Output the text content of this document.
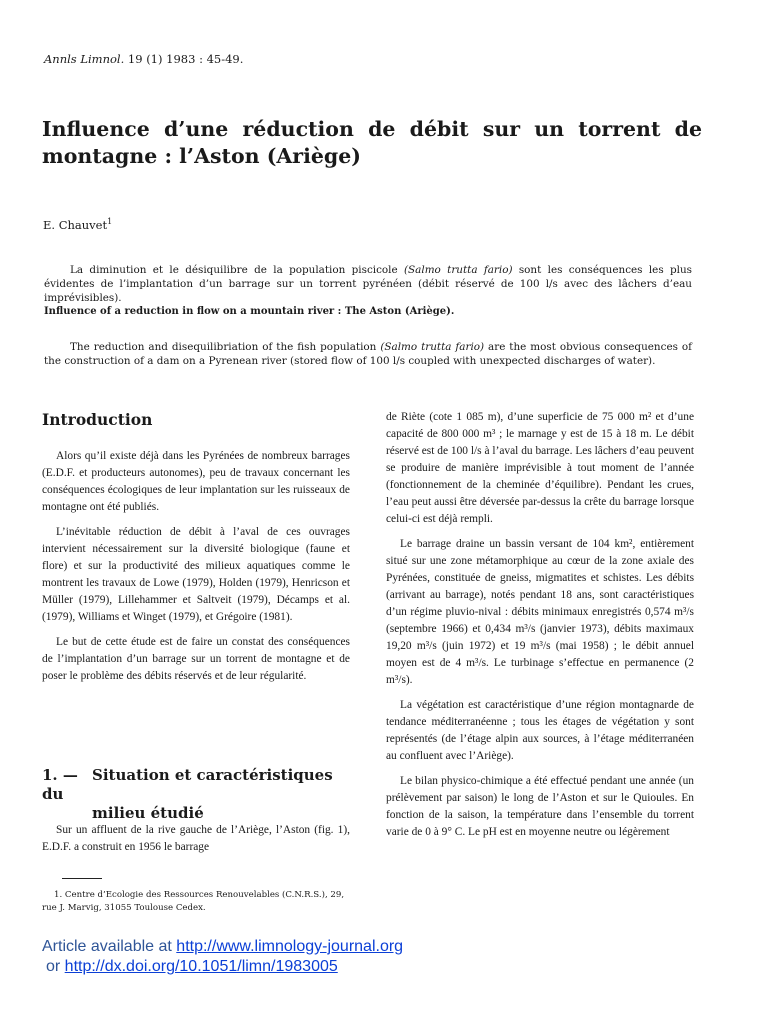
Annls Limnol. 19 (1) 1983 : 45-49.
Influence d’une réduction de débit sur un torrent de montagne : l’Aston (Ariège)
E. Chauvet$^1$
La diminution et le désiquilibre de la population piscicole (Salmo trutta fario) sont les conséquences les plus évidentes de l’implantation d’un barrage sur un torrent pyrénéen (débit réservé de 100 l/s avec des lâchers d’eau imprévisibles).
Influence of a reduction in flow on a mountain river : The Aston (Ariège).
The reduction and disequilibriation of the fish population (Salmo trutta fario) are the most obvious consequences of the construction of a dam on a Pyrenean river (stored flow of 100 l/s coupled with unexpected discharges of water).
Introduction

Alors qu’il existe déjà dans les Pyrénées de nombreux barrages (E.D.F. et producteurs autonomes), peu de travaux concernant les conséquences écologiques de leur implantation sur les ruisseaux de montagne ont été publiés.

L’inévitable réduction de débit à l’aval de ces ouvrages intervient nécessairement sur la diversité biologique (faune et flore) et sur la productivité des milieux aquatiques comme le montrent les travaux de Lowe (1979), Holden (1979), Henricson et Müller (1979), Lillehammer et Saltveit (1979), Décamps et al. (1979), Williams et Winget (1979), et Grégoire (1981).

Le but de cette étude est de faire un constat des conséquences de l’implantation d’un barrage sur un torrent de montagne et de poser le problème des débits réservés et de leur régularité.

1. — Situation et caractéristiques du
milieu étudié

Sur un affluent de la rive gauche de l’Ariège, l’Aston (fig. 1), E.D.F. a construit en 1956 le barrage

1. Centre d’Ecologie des Ressources Renouvelables (C.N.R.S.), 29, rue J. Marvig, 31055 Toulouse Cedex.

de Riète (cote 1 085 m), d’une superficie de 75 000 m² et d’une capacité de 800 000 m³ ; le marnage y est de 15 à 18 m. Le débit réservé est de 100 l/s à l’aval du barrage. Les lâchers d’eau peuvent se produire de manière imprévisible à tout moment de l’année (fonctionnement de la cheminée d’équilibre). Pendant les crues, l’eau peut aussi être déversée par-dessus la crête du barrage lorsque celui-ci est déjà rempli.

Le barrage draine un bassin versant de 104 km², entièrement situé sur une zone métamorphique au cœur de la zone axiale des Pyrénées, constituée de gneiss, migmatites et schistes. Les débits (arrivant au barrage), notés pendant 18 ans, sont caractéristiques d’un régime pluvio-nival : débits minimaux enregistrés 0,574 m³/s (septembre 1966) et 0,434 m³/s (janvier 1973), débits maximaux 19,20 m³/s (juin 1972) et 19 m³/s (mai 1958) ; le débit annuel moyen est de 4 m³/s. Le turbinage s’effectue en permanence (2 m³/s).

La végétation est caractéristique d’une région montagnarde de tendance méditerranéenne ; tous les étages de végétation y sont représentés (de l’étage alpin aux sources, à l’étage méditerranéen au confluent avec l’Ariège).

Le bilan physico-chimique a été effectué pendant une année (un prélèvement par saison) le long de l’Aston et sur le Quioules. En fonction de la saison, la température dans l’ensemble du torrent varie de 0 à 9° C. Le pH est en moyenne neutre ou légèrement

Article available at http://www.limnology-journal.org
or http://dx.doi.org/10.1051/limn/1983005
